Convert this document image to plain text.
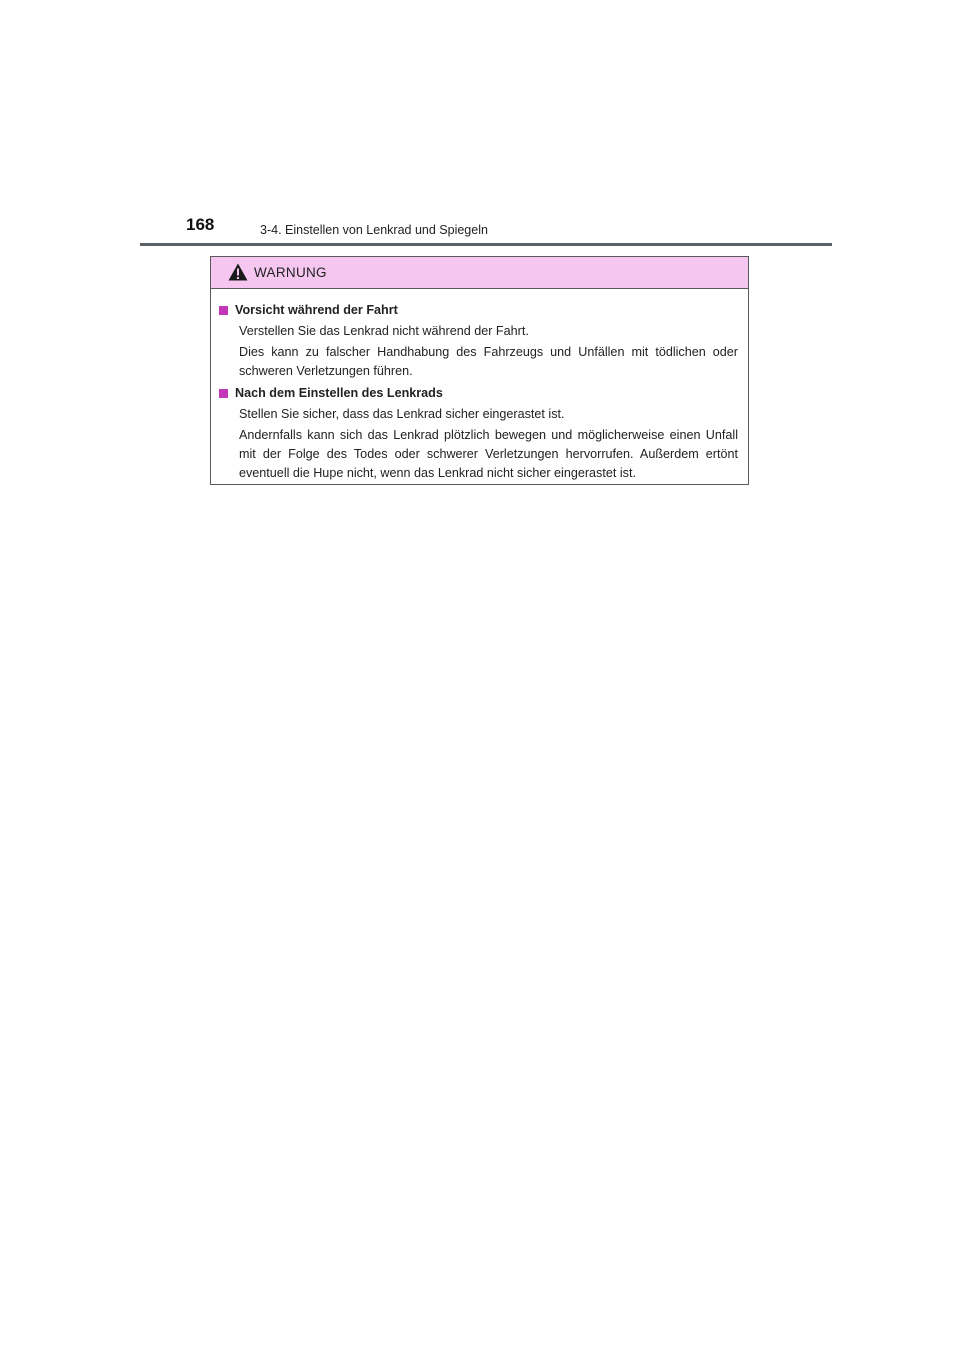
168	3-4. Einstellen von Lenkrad und Spiegeln
WARNUNG
Vorsicht während der Fahrt

Verstellen Sie das Lenkrad nicht während der Fahrt.

Dies kann zu falscher Handhabung des Fahrzeugs und Unfällen mit tödlichen oder schweren Verletzungen führen.

Nach dem Einstellen des Lenkrads

Stellen Sie sicher, dass das Lenkrad sicher eingerastet ist.

Andernfalls kann sich das Lenkrad plötzlich bewegen und möglicherweise einen Unfall mit der Folge des Todes oder schwerer Verletzungen hervorrufen. Außerdem ertönt eventuell die Hupe nicht, wenn das Lenkrad nicht sicher eingerastet ist.
